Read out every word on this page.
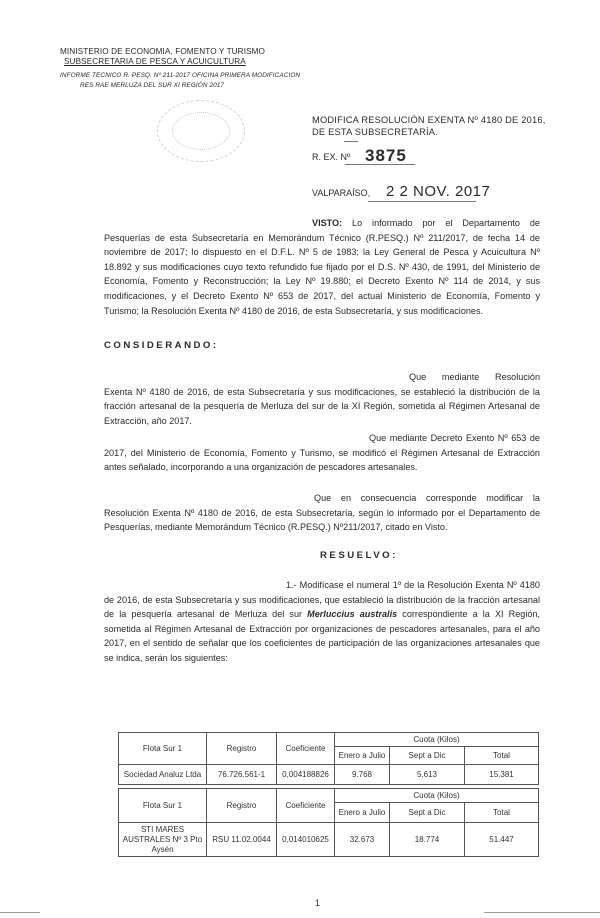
MINISTERIO DE ECONOMIA, FOMENTO Y TURISMO
SUBSECRETARIA DE PESCA Y ACUICULTURA
INFORME TECNICO R. PESQ. Nº 211-2017 OFICINA PRIMERA MODIFICACION
RES RAE MERLUZA DEL SUR XI REGIÓN 2017
MODIFICA RESOLUCIÓN EXENTA Nº 4180 DE 2016,
DE ESTA SUBSECRETARÍA.
R. EX. Nº 3875
VALPARAÍSO, 2 2 NOV. 2017
VISTO: Lo informado por el Departamento de Pesquerías de esta Subsecretaría en Memorándum Técnico (R.PESQ.) Nº 211/2017, de fecha 14 de noviembre de 2017; lo dispuesto en el D.F.L. Nº 5 de 1983; la Ley General de Pesca y Acuicultura Nº 18.892 y sus modificaciones cuyo texto refundido fue fijado por el D.S. Nº 430, de 1991, del Ministerio de Economía, Fomento y Reconstrucción; la Ley Nº 19.880; el Decreto Exento Nº 114 de 2014, y sus modificaciones, y el Decreto Exento Nº 653 de 2017, del actual Ministerio de Economía, Fomento y Turismo; la Resolución Exenta Nº 4180 de 2016, de esta Subsecretaría, y sus modificaciones.
CONSIDERANDO:
Que mediante Resolución Exenta Nº 4180 de 2016, de esta Subsecretaría y sus modificaciones, se estableció la distribución de la fracción artesanal de la pesquería de Merluza del sur de la XI Región, sometida al Régimen Artesanal de Extracción, año 2017.
Que mediante Decreto Exento Nº 653 de 2017, del Ministerio de Economía, Fomento y Turismo, se modificó el Régimen Artesanal de Extracción antes señalado, incorporando a una organización de pescadores artesanales.
Que en consecuencia corresponde modificar la Resolución Exenta Nº 4180 de 2016, de esta Subsecretaría, según lo informado por el Departamento de Pesquerías, mediante Memorándum Técnico (R.PESQ.) Nº211/2017, citado en Visto.
RESUELVO:
1.- Modifícase el numeral 1º de la Resolución Exenta Nº 4180 de 2016, de esta Subsecretaría y sus modificaciones, que estableció la distribución de la fracción artesanal de la pesquería artesanal de Merluza del sur Merluccius australis correspondiente a la XI Región, sometida al Régimen Artesanal de Extracción por organizaciones de pescadores artesanales, para el año 2017, en el sentido de señalar que los coeficientes de participación de las organizaciones artesanales que se indica, serán los siguientes:
Flota Sur 1	Registro	Coeficiente	Cuota (Kilos)		
			Enero a Julio	Sept a Dic	Total
Sociedad Analuz Ltda	76.726.561-1	0,004188826	9.768	5.613	15.381
Flota Sur 1	Registro	Coeficiente	Cuota (Kilos)		
			Enero a Julio	Sept a Dic	Total
STI MARES AUSTRALES Nº 3 Pto Aysén	RSU 11.02.0044	0,014010625	32.673	18.774	51.447
1
